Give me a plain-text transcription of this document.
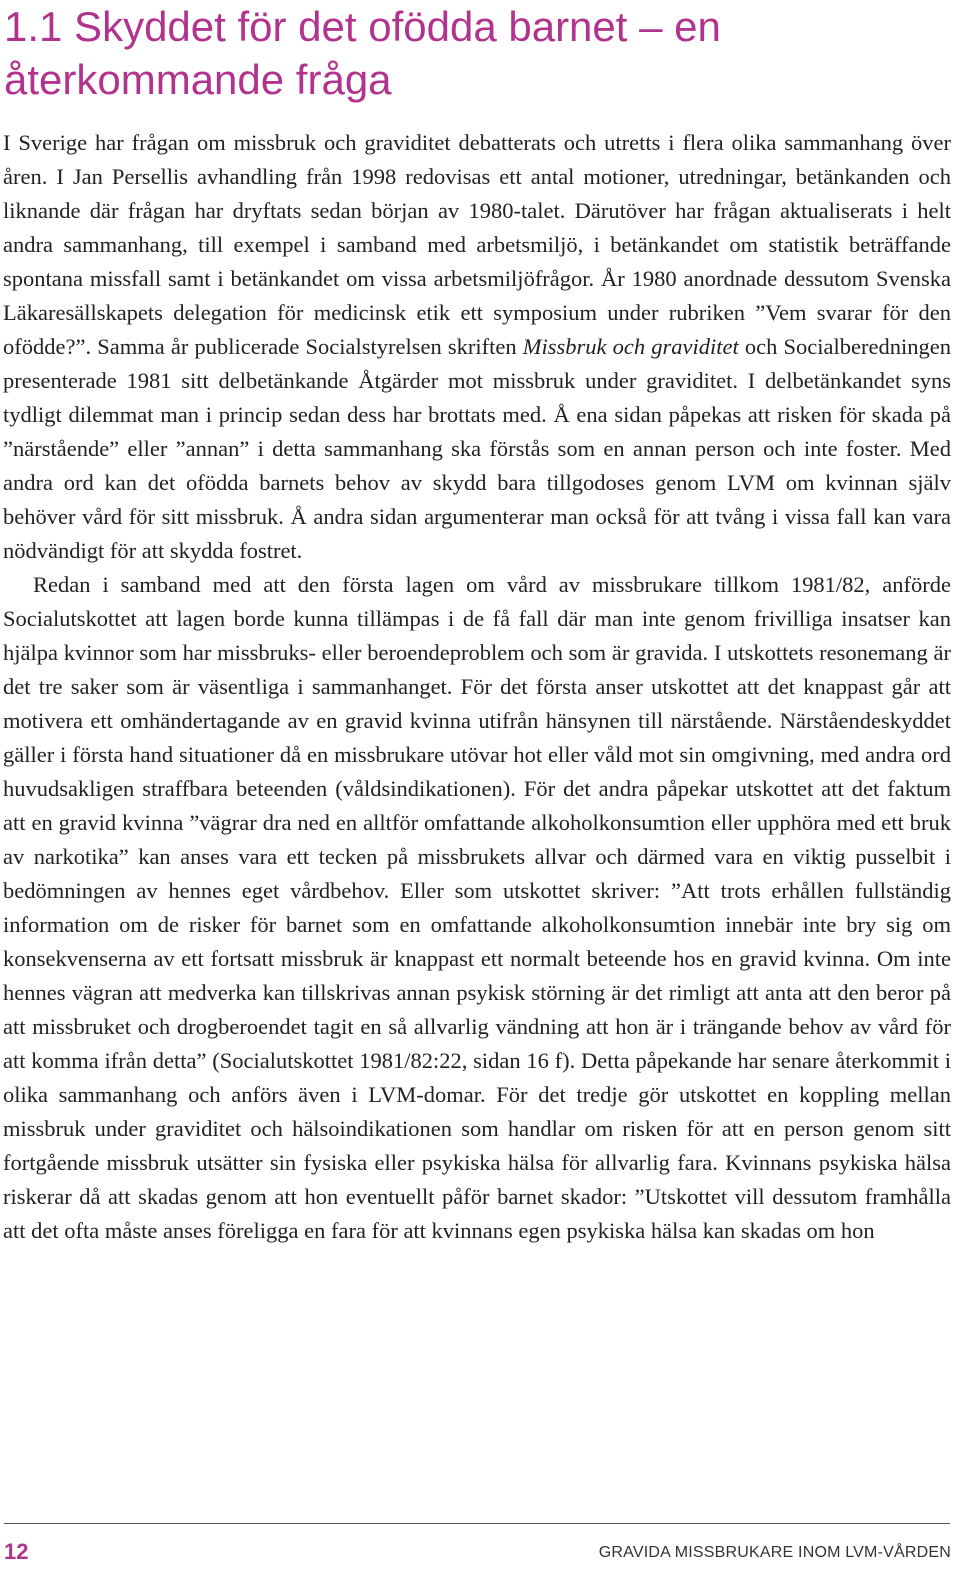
1.1 Skyddet för det ofödda barnet – en återkommande fråga

I Sverige har frågan om missbruk och graviditet debatterats och utretts i flera olika sammanhang över åren. I Jan Persellis avhandling från 1998 redovisas ett antal motioner, utredningar, betänkanden och liknande där frågan har dryftats sedan början av 1980-talet. Därutöver har frågan aktualiserats i helt andra sammanhang, till exempel i samband med arbetsmiljö, i betänkandet om statistik beträffande spontana missfall samt i betänkandet om vissa arbetsmiljöfrågor. År 1980 anordnade dessutom Svenska Läkaresällskapets delegation för medicinsk etik ett symposium under rubriken ”Vem svarar för den ofödde?”. Samma år publicerade Socialstyrelsen skriften Missbruk och graviditet och Socialberedningen presenterade 1981 sitt delbetänkande Åtgärder mot missbruk under graviditet. I delbetänkandet syns tydligt dilemmat man i princip sedan dess har brottats med. Å ena sidan påpekas att risken för skada på ”närstående” eller ”annan” i detta sammanhang ska förstås som en annan person och inte foster. Med andra ord kan det ofödda barnets behov av skydd bara tillgodoses genom LVM om kvinnan själv behöver vård för sitt missbruk. Å andra sidan argumenterar man också för att tvång i vissa fall kan vara nödvändigt för att skydda fostret.

Redan i samband med att den första lagen om vård av missbrukare tillkom 1981/82, anförde Socialutskottet att lagen borde kunna tillämpas i de få fall där man inte genom frivilliga insatser kan hjälpa kvinnor som har missbruks- eller beroendeproblem och som är gravida. I utskottets resonemang är det tre saker som är väsentliga i sammanhanget. För det första anser utskottet att det knappast går att motivera ett omhändertagande av en gravid kvinna utifrån hänsynen till närstående. Närståendeskyddet gäller i första hand situationer då en missbrukare utövar hot eller våld mot sin omgivning, med andra ord huvudsakligen straffbara beteenden (våldsindikationen). För det andra påpekar utskottet att det faktum att en gravid kvinna ”vägrar dra ned en alltför omfattande alkoholkonsumtion eller upphöra med ett bruk av narkotika” kan anses vara ett tecken på missbrukets allvar och därmed vara en viktig pusselbit i bedömningen av hennes eget vårdbehov. Eller som utskottet skriver: ”Att trots erhållen fullständig information om de risker för barnet som en omfattande alkoholkonsumtion innebär inte bry sig om konsekvenserna av ett fortsatt missbruk är knappast ett normalt beteende hos en gravid kvinna. Om inte hennes vägran att medverka kan tillskrivas annan psykisk störning är det rimligt att anta att den beror på att missbruket och drogberoendet tagit en så allvarlig vändning att hon är i trängande behov av vård för att komma ifrån detta” (Socialutskottet 1981/82:22, sidan 16 f). Detta påpekande har senare återkommit i olika sammanhang och anförs även i LVM-domar. För det tredje gör utskottet en koppling mellan missbruk under graviditet och hälsoindikationen som handlar om risken för att en person genom sitt fortgående missbruk utsätter sin fysiska eller psykiska hälsa för allvarlig fara. Kvinnans psykiska hälsa riskerar då att skadas genom att hon eventuellt påför barnet skador: ”Utskottet vill dessutom framhålla att det ofta måste anses föreligga en fara för att kvinnans egen psykiska hälsa kan skadas om hon

12	GRAVIDA MISSBRUKARE INOM LVM-VÅRDEN
